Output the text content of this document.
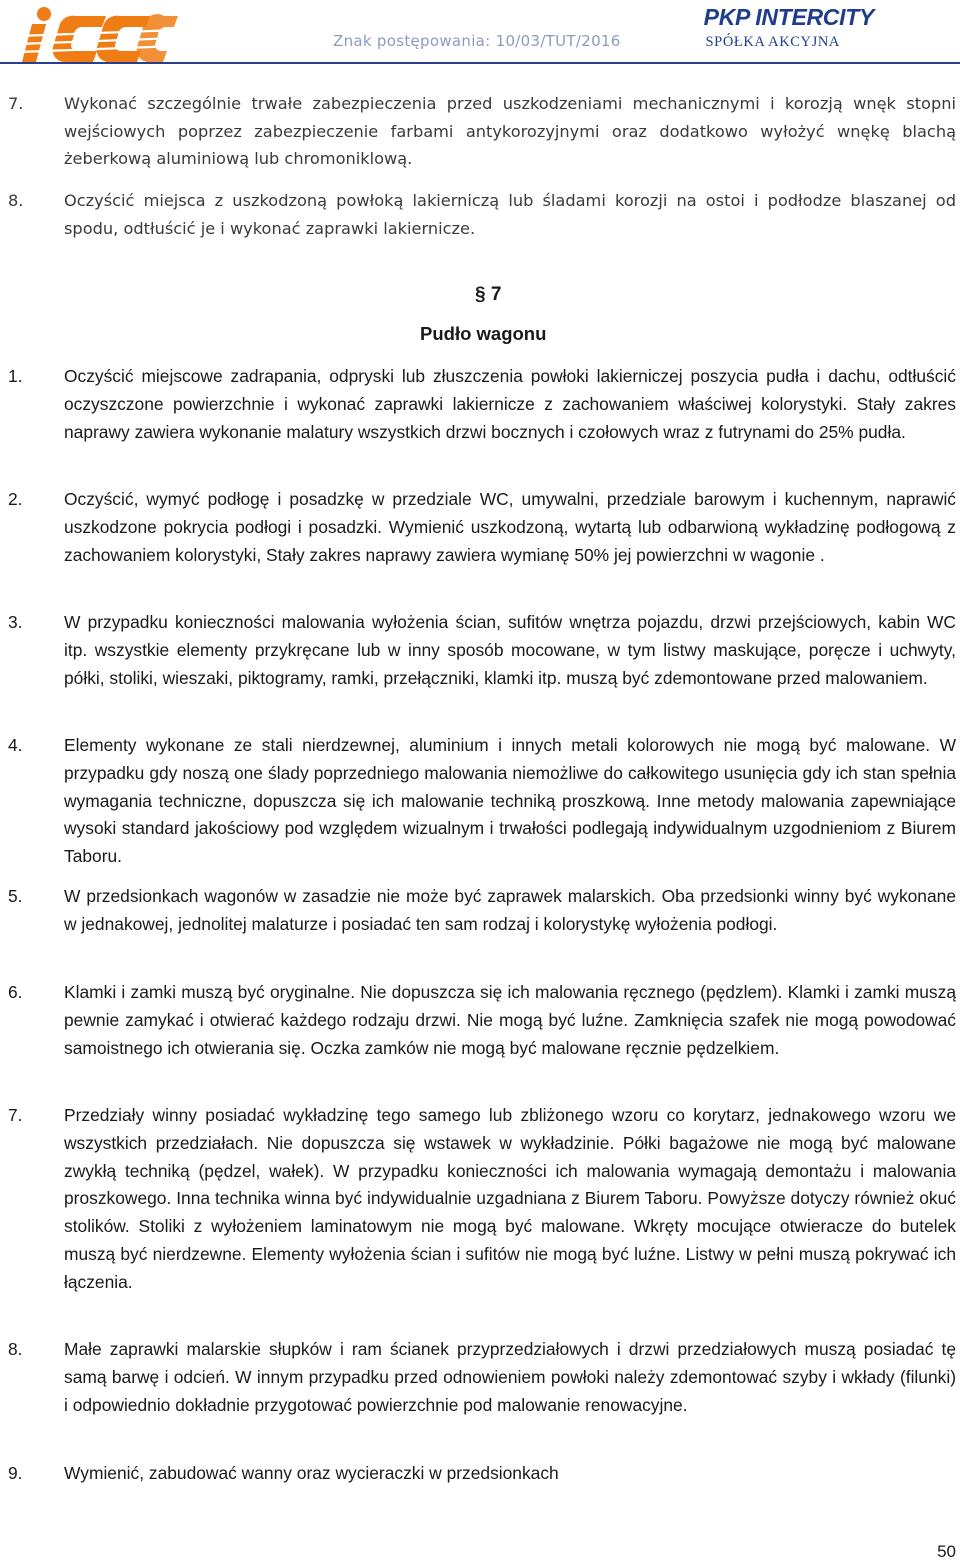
Znak postępowania: 10/03/TUT/2016
PKP INTERCITY
SPÓŁKA AKCYJNA
7.	Wykonać szczególnie trwałe zabezpieczenia przed uszkodzeniami mechanicznymi i korozją wnęk stopni wejściowych poprzez zabezpieczenie farbami antykorozyjnymi oraz dodatkowo wyłożyć wnękę blachą żeberkową aluminiową lub chromoniklową.

8.	Oczyścić miejsca z uszkodzoną powłoką lakierniczą lub śladami korozji na ostoi i podłodze blaszanej od spodu, odtłuścić je i wykonać zaprawki lakiernicze.

§ 7
Pudło wagonu
1. Oczyścić miejscowe zadrapania, odpryski lub złuszczenia powłoki lakierniczej poszycia pudła i dachu, odtłuścić oczyszczone powierzchnie i wykonać zaprawki lakiernicze z zachowaniem właściwej kolorystyki. Stały zakres naprawy zawiera wykonanie malatury wszystkich drzwi bocznych i czołowych wraz z futrynami do 25% pudła.

2. Oczyścić, wymyć podłogę i posadzkę w przedziale WC, umywalni, przedziale barowym i kuchennym, naprawić uszkodzone pokrycia podłogi i posadzki. Wymienić uszkodzoną, wytartą lub odbarwioną wykładzinę podłogową z zachowaniem kolorystyki, Stały zakres naprawy zawiera wymianę 50% jej powierzchni w wagonie .

3. W przypadku konieczności malowania wyłożenia ścian, sufitów wnętrza pojazdu, drzwi przejściowych, kabin WC itp. wszystkie elementy przykręcane lub w inny sposób mocowane, w tym listwy maskujące, poręcze i uchwyty, półki, stoliki, wieszaki, piktogramy, ramki, przełączniki, klamki itp. muszą być zdemontowane przed malowaniem.

4. Elementy wykonane ze stali nierdzewnej, aluminium i innych metali kolorowych nie mogą być malowane. W przypadku gdy noszą one ślady poprzedniego malowania niemożliwe do całkowitego usunięcia gdy ich stan spełnia wymagania techniczne, dopuszcza się ich malowanie techniką proszkową. Inne metody malowania zapewniające wysoki standard jakościowy pod względem wizualnym i trwałości podlegają indywidualnym uzgodnieniom z Biurem Taboru.

5. W przedsionkach wagonów w zasadzie nie może być zaprawek malarskich. Oba przedsionki winny być wykonane w jednakowej, jednolitej malaturze i posiadać ten sam rodzaj i kolorystykę wyłożenia podłogi.

6. Klamki i zamki muszą być oryginalne. Nie dopuszcza się ich malowania ręcznego (pędzlem). Klamki i zamki muszą pewnie zamykać i otwierać każdego rodzaju drzwi. Nie mogą być luźne. Zamknięcia szafek nie mogą powodować samoistnego ich otwierania się. Oczka zamków nie mogą być malowane ręcznie pędzelkiem.

7. Przedziały winny posiadać wykładzinę tego samego lub zbliżonego wzoru co korytarz, jednakowego wzoru we wszystkich przedziałach. Nie dopuszcza się wstawek w wykładzinie. Półki bagażowe nie mogą być malowane zwykłą techniką (pędzel, wałek). W przypadku konieczności ich malowania wymagają demontażu i malowania proszkowego. Inna technika winna być indywidualnie uzgadniana z Biurem Taboru. Powyższe dotyczy również okuć stolików. Stoliki z wyłożeniem laminatowym nie mogą być malowane. Wkręty mocujące otwieracze do butelek muszą być nierdzewne. Elementy wyłożenia ścian i sufitów nie mogą być luźne. Listwy w pełni muszą pokrywać ich łączenia.

8. Małe zaprawki malarskie słupków i ram ścianek przyprzedziałowych i drzwi przedziałowych muszą posiadać tę samą barwę i odcień. W innym przypadku przed odnowieniem powłoki należy zdemontować szyby i wkłady (filunki) i odpowiednio dokładnie przygotować powierzchnie pod malowanie renowacyjne.

9. Wymienić, zabudować wanny oraz wycieraczki w przedsionkach

50
